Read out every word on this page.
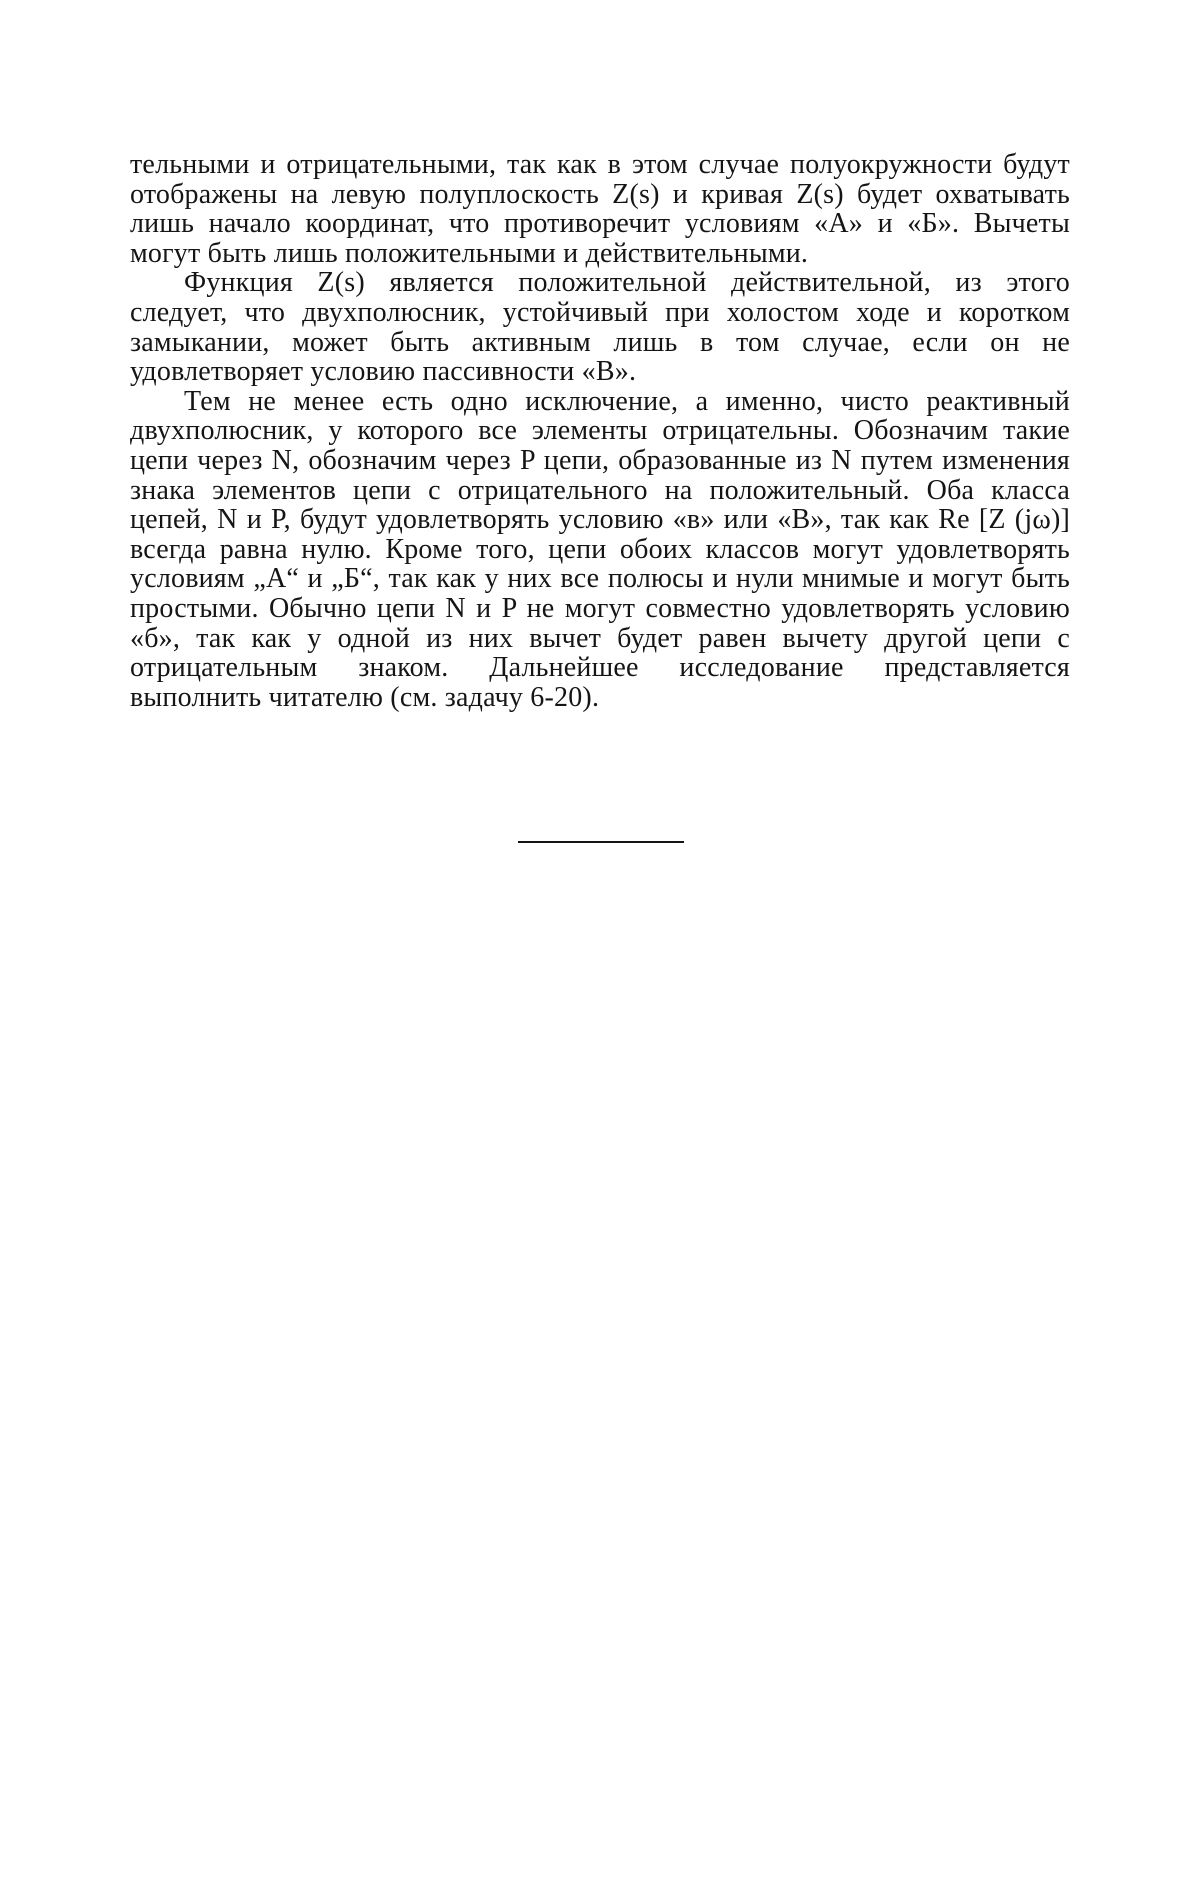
тельными и отрицательными, так как в этом случае полуокружности будут отображены на левую полуплоскость Z(s) и кривая Z(s) будет охватывать лишь начало координат, что противоречит условиям «А» и «Б». Вычеты могут быть лишь положительными и действительными.

Функция Z(s) является положительной действительной, из этого следует, что двухполюсник, устойчивый при холостом ходе и коротком замыкании, может быть активным лишь в том случае, если он не удовлетворяет условию пассивности «В».

Тем не менее есть одно исключение, а именно, чисто реактивный двухполюсник, у которого все элементы отрицательны. Обозначим такие цепи через N, обозначим через P цепи, образованные из N путем изменения знака элементов цепи с отрицательного на положительный. Оба класса цепей, N и P, будут удовлетворять условию «в» или «В», так как Re [Z (jω)] всегда равна нулю. Кроме того, цепи обоих классов могут удовлетворять условиям „А“ и „Б“, так как у них все полюсы и нули мнимые и могут быть простыми. Обычно цепи N и P не могут совместно удовлетворять условию «б», так как у одной из них вычет будет равен вычету другой цепи с отрицательным знаком. Дальнейшее исследование представляется выполнить читателю (см. задачу 6-20).
